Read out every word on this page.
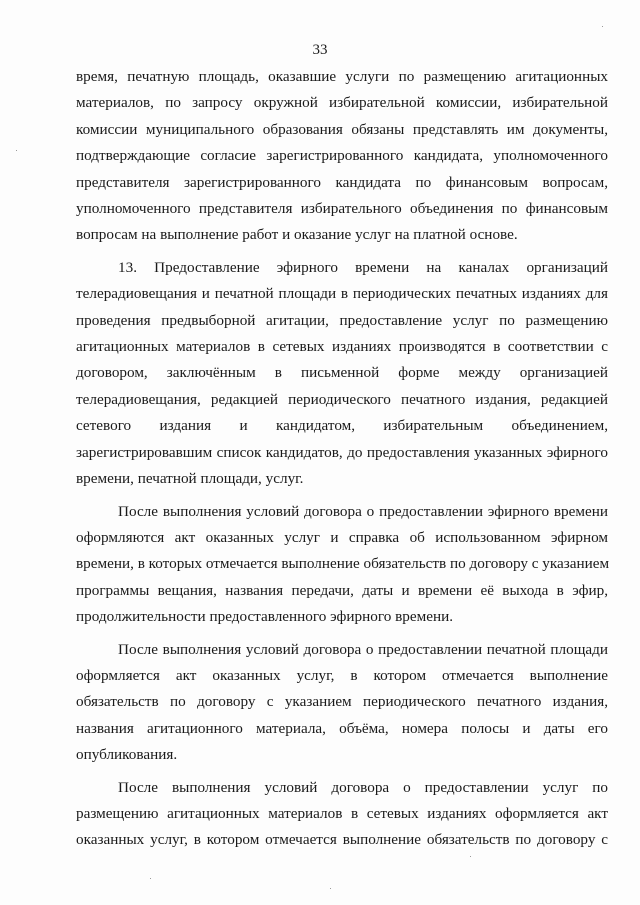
33
время, печатную площадь, оказавшие услуги по размещению агитационных
материалов, по запросу окружной избирательной комиссии, избирательной
комиссии муниципального образования обязаны представлять им документы,
подтверждающие согласие зарегистрированного кандидата, уполномоченного
представителя зарегистрированного кандидата по финансовым вопросам,
уполномоченного представителя избирательного объединения по финансовым
вопросам на выполнение работ и оказание услуг на платной основе.
13. Предоставление эфирного времени на каналах организаций
телерадиовещания и печатной площади в периодических печатных изданиях для
проведения предвыборной агитации, предоставление услуг по размещению
агитационных материалов в сетевых изданиях производятся в соответствии с
договором, заключённым в письменной форме между организацией
телерадиовещания, редакцией периодического печатного издания, редакцией
сетевого издания и кандидатом, избирательным объединением,
зарегистрировавшим список кандидатов, до предоставления указанных эфирного
времени, печатной площади, услуг.
После выполнения условий договора о предоставлении эфирного времени
оформляются акт оказанных услуг и справка об использованном эфирном
времени, в которых отмечается выполнение обязательств по договору с указанием
программы вещания, названия передачи, даты и времени её выхода в эфир,
продолжительности предоставленного эфирного времени.
После выполнения условий договора о предоставлении печатной площади
оформляется акт оказанных услуг, в котором отмечается выполнение
обязательств по договору с указанием периодического печатного издания,
названия агитационного материала, объёма, номера полосы и даты его
опубликования.
После выполнения условий договора о предоставлении услуг по
размещению агитационных материалов в сетевых изданиях оформляется акт
оказанных услуг, в котором отмечается выполнение обязательств по договору с
